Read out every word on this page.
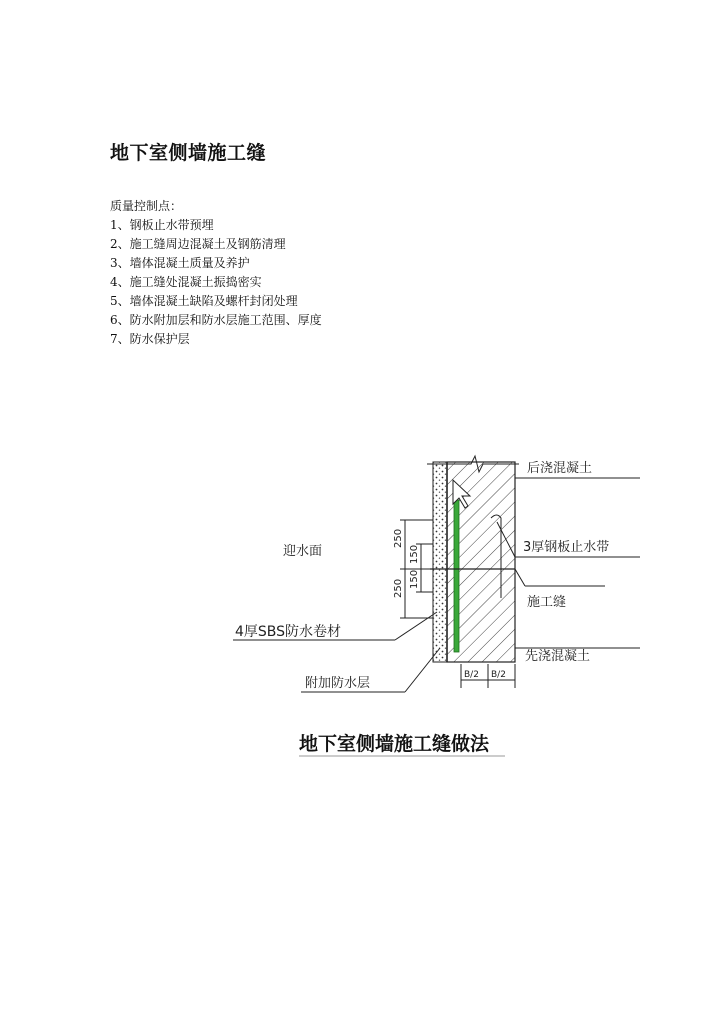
地下室侧墙施工缝
质量控制点：
1、钢板止水带预埋
2、施工缝周边混凝土及钢筋清理
3、墙体混凝土质量及养护
4、施工缝处混凝土振捣密实
5、墙体混凝土缺陷及螺杆封闭处理
6、防水附加层和防水层施工范围、厚度
7、防水保护层
250
250
150
150
B/2 B/2
后浇混凝土
3厚钢板止水带
施工缝
先浇混凝土
迎水面
4厚SBS防水卷材
附加防水层
地下室侧墙施工缝做法
